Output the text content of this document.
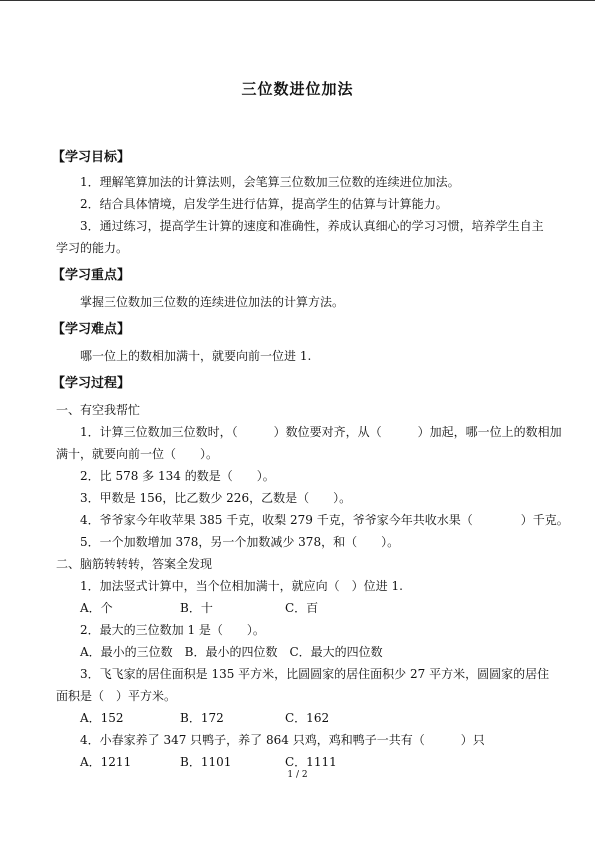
三位数进位加法
【学习目标】
1．理解笔算加法的计算法则，会笔算三位数加三位数的连续进位加法。
2．结合具体情境，启发学生进行估算，提高学生的估算与计算能力。
3．通过练习，提高学生计算的速度和准确性，养成认真细心的学习习惯，培养学生自主
学习的能力。
【学习重点】
掌握三位数加三位数的连续进位加法的计算方法。
【学习难点】
哪一位上的数相加满十，就要向前一位进 1.
【学习过程】
一、有空我帮忙
1．计算三位数加三位数时，（　　　）数位要对齐，从（　　　）加起，哪一位上的数相加
满十，就要向前一位（　　）。
2．比 578 多 134 的数是（　　）。
3．甲数是 156，比乙数少 226，乙数是（　　）。
4．爷爷家今年收苹果 385 千克，收梨 279 千克，爷爷家今年共收水果（　　　　）千克。
5．一个加数增加 378，另一个加数减少 378，和（　　）。
二、脑筋转转转，答案全发现
1．加法竖式计算中，当个位相加满十，就应向（　）位进 1.
A．个	B．十	C．百
2．最大的三位数加 1 是（　　）。
A．最小的三位数　B．最小的四位数　C．最大的四位数
3．飞飞家的居住面积是 135 平方米，比圆圆家的居住面积少 27 平方米，圆圆家的居住
面积是（　）平方米。
A．152	B．172	C．162
4．小春家养了 347 只鸭子，养了 864 只鸡，鸡和鸭子一共有（　　　）只
A．1211	B．1101	C．1111
1 / 2
